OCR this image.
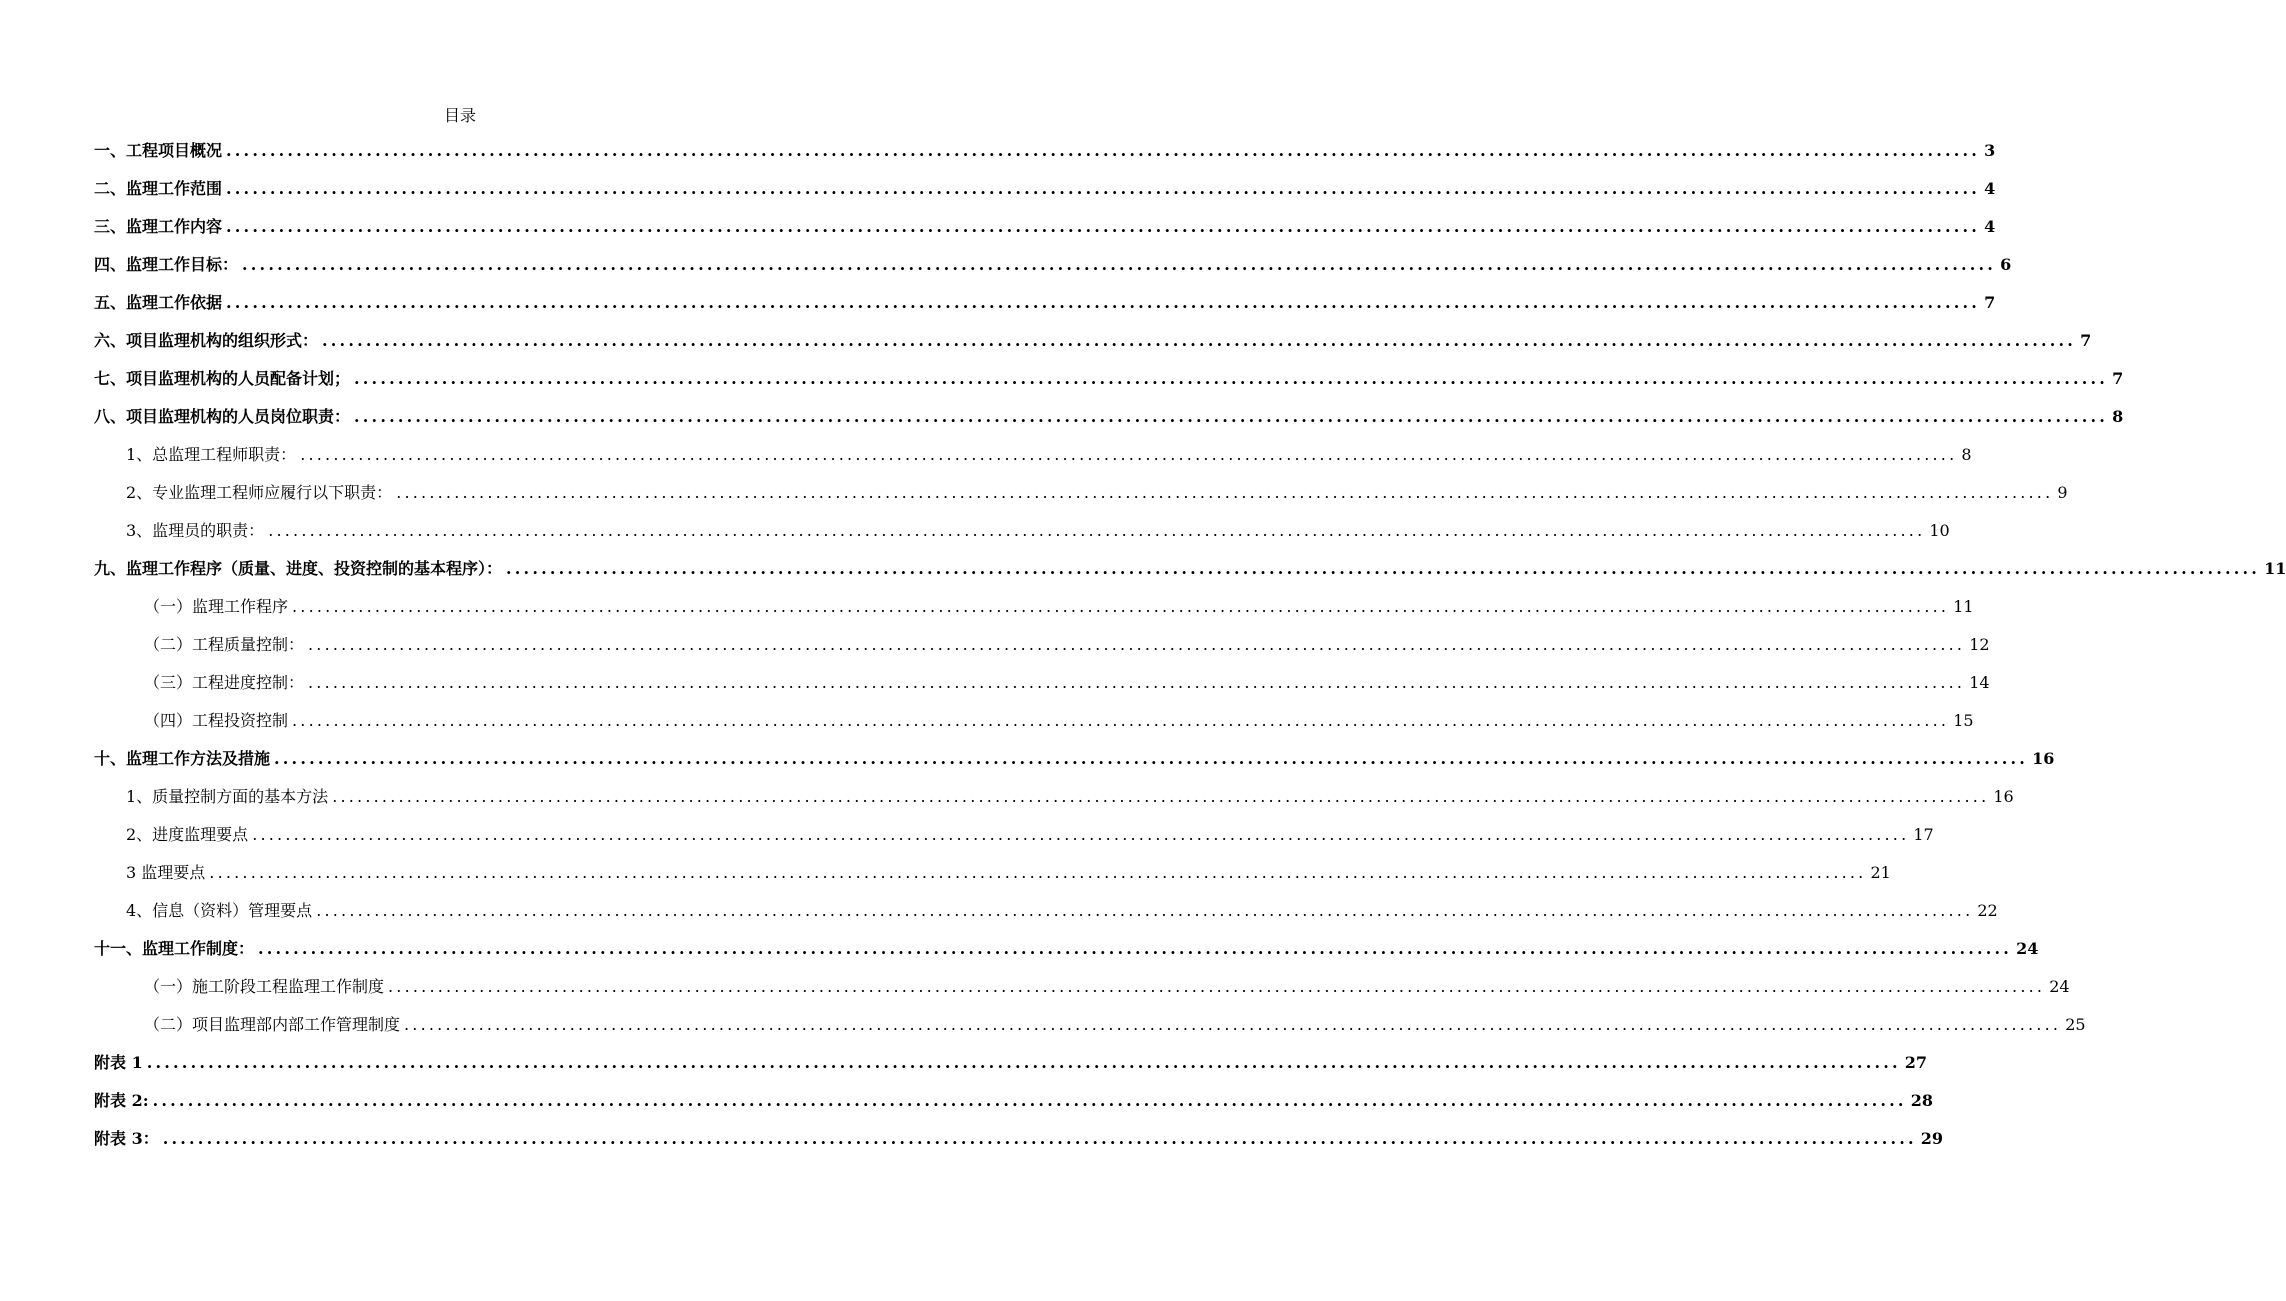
目录
一、工程项目概况 ........................................................................................................................................................................................................ 3
二、监理工作范围 ........................................................................................................................................................................................................ 4
三、监理工作内容 ........................................................................................................................................................................................................ 4
四、监理工作目标： ........................................................................................................................................................................................................ 6
五、监理工作依据 ........................................................................................................................................................................................................ 7
六、项目监理机构的组织形式： ........................................................................................................................................................................................................ 7
七、项目监理机构的人员配备计划； ........................................................................................................................................................................................................ 7
八、项目监理机构的人员岗位职责： ........................................................................................................................................................................................................ 8
1、总监理工程师职责： ........................................................................................................................................................................................................ 8
2、专业监理工程师应履行以下职责： ........................................................................................................................................................................................................ 9
3、监理员的职责： ........................................................................................................................................................................................................ 10
九、监理工作程序（质量、进度、投资控制的基本程序）： ........................................................................................................................................................................................................ 11
（一）监理工作程序 ........................................................................................................................................................................................................ 11
（二）工程质量控制： ........................................................................................................................................................................................................ 12
（三）工程进度控制： ........................................................................................................................................................................................................ 14
（四）工程投资控制 ........................................................................................................................................................................................................ 15
十、监理工作方法及措施 ........................................................................................................................................................................................................ 16
1、质量控制方面的基本方法 ........................................................................................................................................................................................................ 16
2、进度监理要点 ........................................................................................................................................................................................................ 17
3 监理要点 ........................................................................................................................................................................................................ 21
4、信息（资料）管理要点 ........................................................................................................................................................................................................ 22
十一、监理工作制度： ........................................................................................................................................................................................................ 24
（一）施工阶段工程监理工作制度 ........................................................................................................................................................................................................ 24
（二）项目监理部内部工作管理制度 ........................................................................................................................................................................................................ 25
附表 1 ........................................................................................................................................................................................................ 27
附表 2: ........................................................................................................................................................................................................ 28
附表 3： ........................................................................................................................................................................................................ 29
